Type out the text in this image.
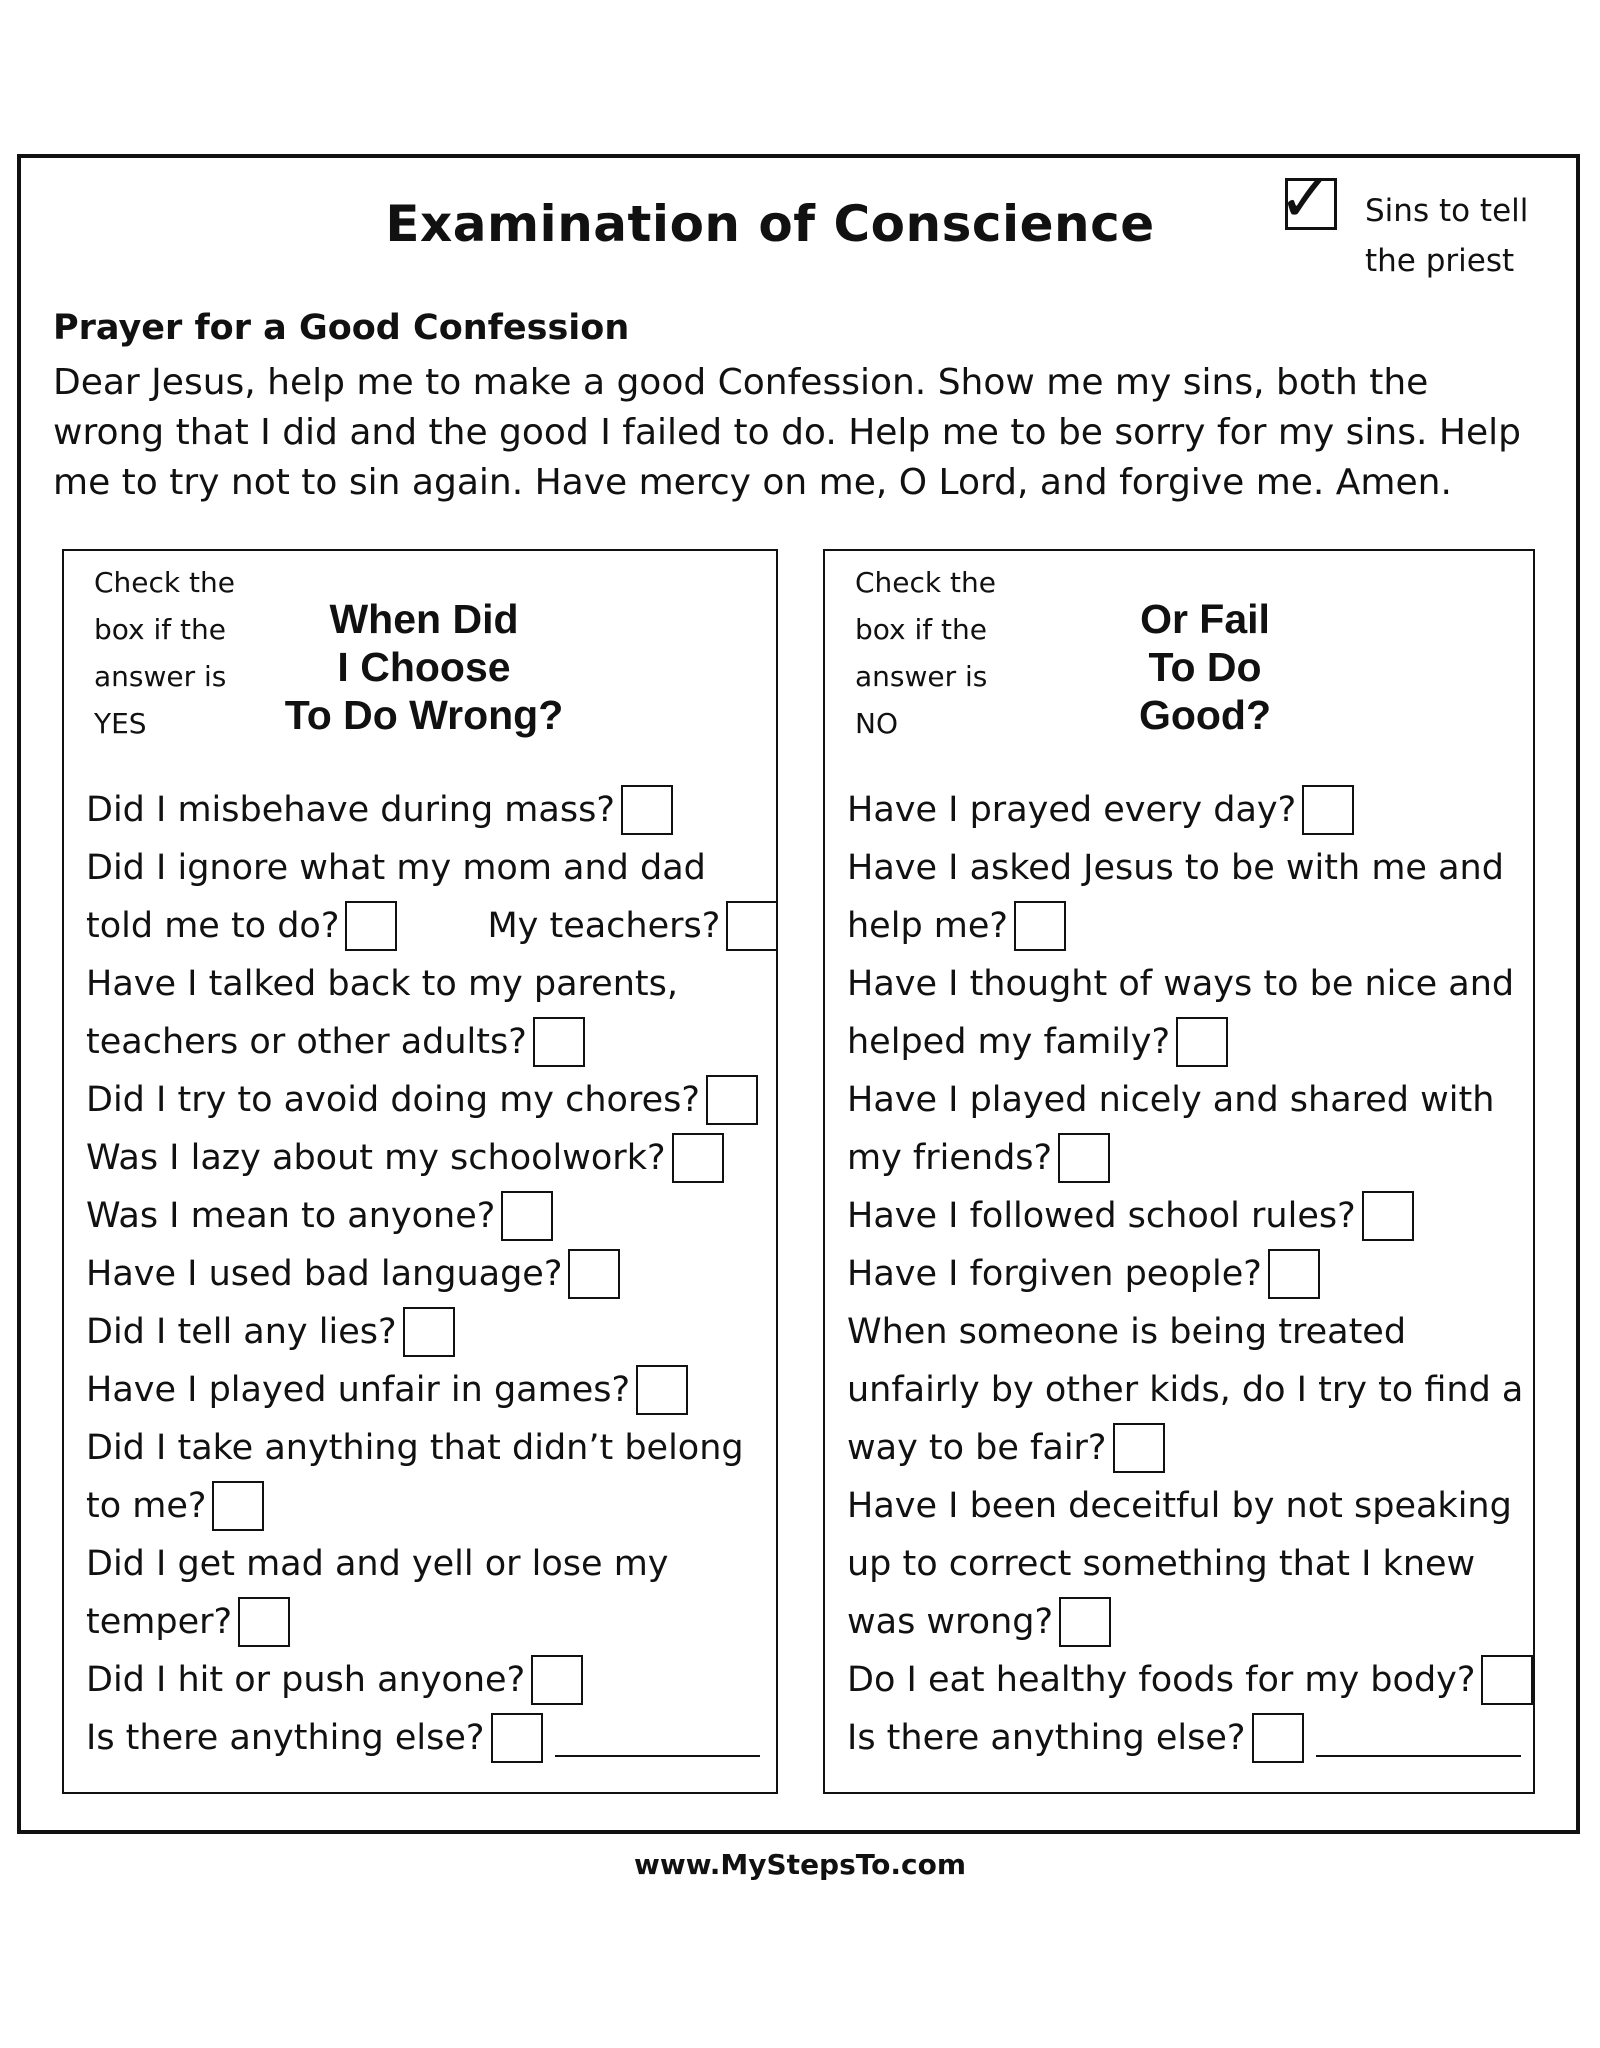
Examination of Conscience	✓ Sins to tell
the priest
Prayer for a Good Confession
Dear Jesus, help me to make a good Confession. Show me my sins, both the wrong that I did and the good I failed to do. Help me to be sorry for my sins. Help me to try not to sin again. Have mercy on me, O Lord, and forgive me. Amen.
Check the
box if the
answer is
YES
When Did
I Choose
To Do Wrong?
Did I misbehave during mass?
Did I ignore what my mom and dad
told me to do?	My teachers?
Have I talked back to my parents,
teachers or other adults?
Did I try to avoid doing my chores?
Was I lazy about my schoolwork?
Was I mean to anyone?
Have I used bad language?
Did I tell any lies?
Have I played unfair in games?
Did I take anything that didn’t belong
to me?
Did I get mad and yell or lose my
temper?
Did I hit or push anyone?
Is there anything else?
Check the
box if the
answer is
NO
Or Fail
To Do
Good?
Have I prayed every day?
Have I asked Jesus to be with me and
help me?
Have I thought of ways to be nice and
helped my family?
Have I played nicely and shared with
my friends?
Have I followed school rules?
Have I forgiven people?
When someone is being treated
unfairly by other kids, do I try to find a
way to be fair?
Have I been deceitful by not speaking
up to correct something that I knew
was wrong?
Do I eat healthy foods for my body?
Is there anything else?
www.MyStepsTo.com
